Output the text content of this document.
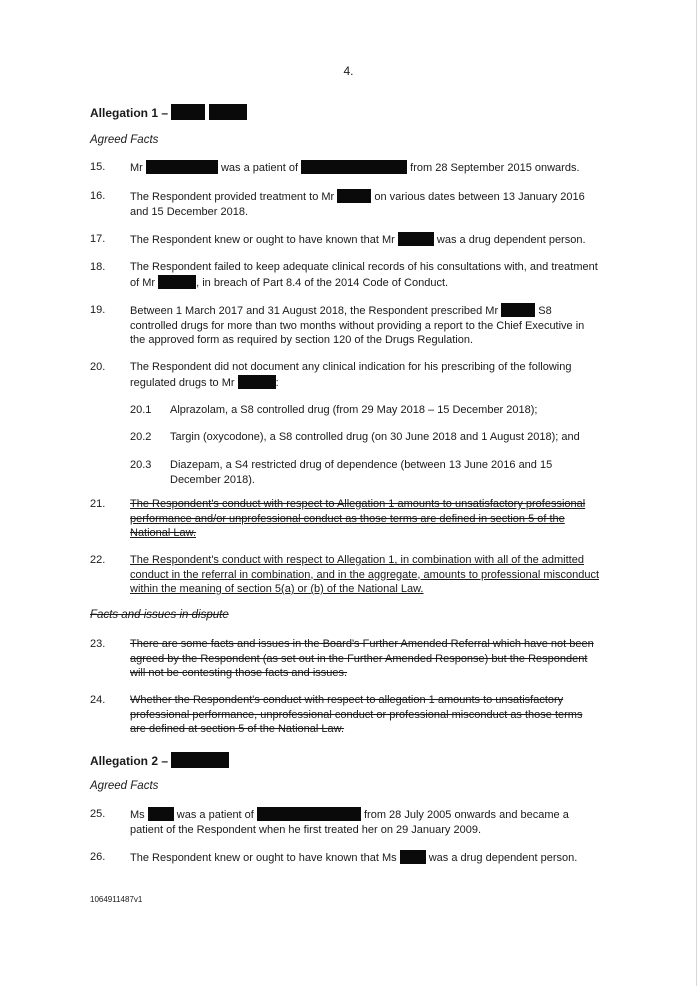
4.
Allegation 1 –
Agreed Facts
15.	Mr	was a patient of	from 28 September 2015 onwards.
16.	The Respondent provided treatment to Mr	on various dates between 13 January 2016 and 15 December 2018.
17.	The Respondent knew or ought to have known that Mr	was a drug dependent person.
18.	The Respondent failed to keep adequate clinical records of his consultations with, and treatment of Mr	, in breach of Part 8.4 of the 2014 Code of Conduct.
19.	Between 1 March 2017 and 31 August 2018, the Respondent prescribed Mr	S8 controlled drugs for more than two months without providing a report to the Chief Executive in the approved form as required by section 120 of the Drugs Regulation.
20.	The Respondent did not document any clinical indication for his prescribing of the following regulated drugs to Mr	:
20.1 Alprazolam, a S8 controlled drug (from 29 May 2018 – 15 December 2018);
20.2 Targin (oxycodone), a S8 controlled drug (on 30 June 2018 and 1 August 2018); and
20.3 Diazepam, a S4 restricted drug of dependence (between 13 June 2016 and 15 December 2018).
21.	The Respondent's conduct with respect to Allegation 1 amounts to unsatisfactory professional performance and/or unprofessional conduct as those terms are defined in section 5 of the National Law.
22.	The Respondent's conduct with respect to Allegation 1, in combination with all of the admitted conduct in the referral in combination, and in the aggregate, amounts to professional misconduct within the meaning of section 5(a) or (b) of the National Law.
Facts and issues in dispute
23.	There are some facts and issues in the Board's Further Amended Referral which have not been agreed by the Respondent (as set out in the Further Amended Response) but the Respondent will not be contesting those facts and issues.
24.	Whether the Respondent's conduct with respect to allegation 1 amounts to unsatisfactory professional performance, unprofessional conduct or professional misconduct as those terms are defined at section 5 of the National Law.
Allegation 2 –
Agreed Facts
25.	Ms	was a patient of	from 28 July 2005 onwards and became a patient of the Respondent when he first treated her on 29 January 2009.
26.	The Respondent knew or ought to have known that Ms	was a drug dependent person.
1064911487v1
